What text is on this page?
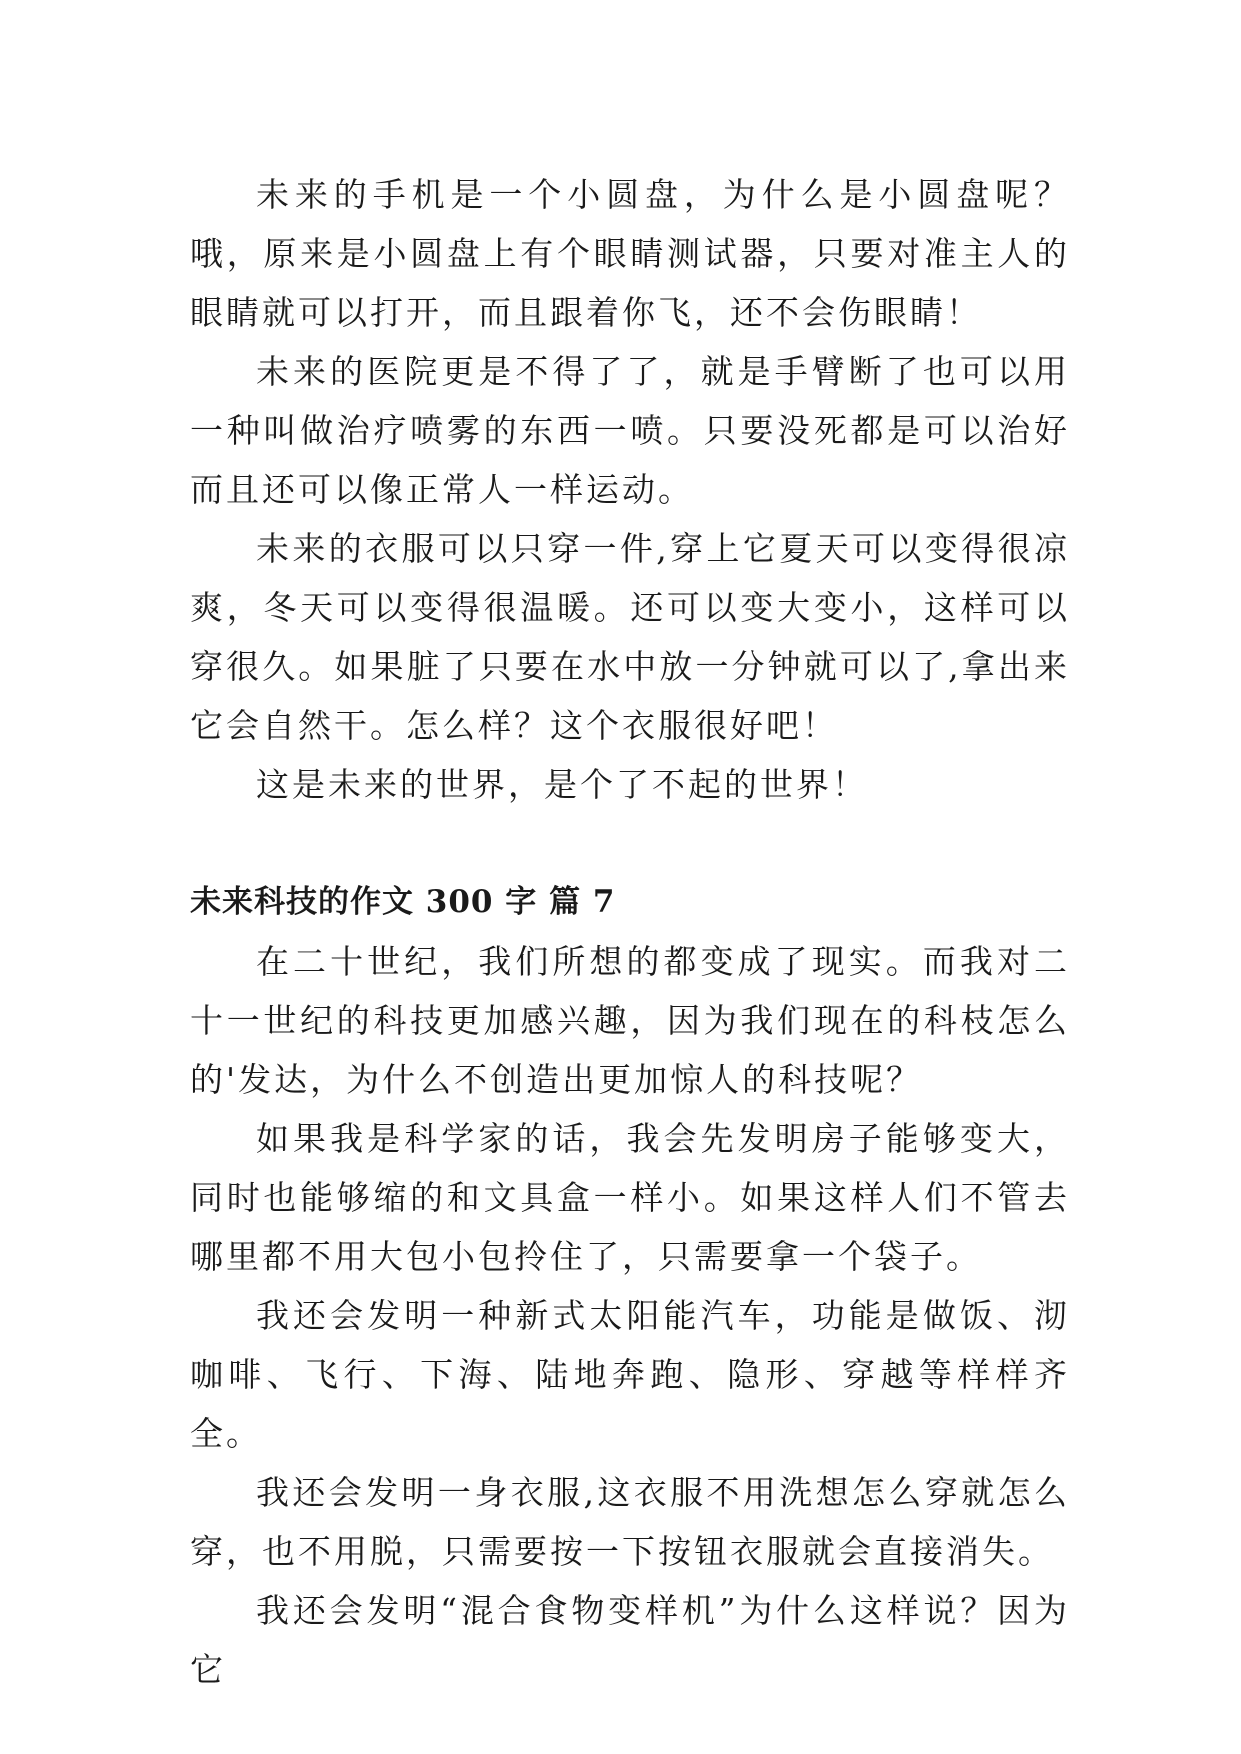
未来的手机是一个小圆盘，为什么是小圆盘呢？哦，原来是小圆盘上有个眼睛测试器，只要对准主人的眼睛就可以打开，而且跟着你飞，还不会伤眼睛！

未来的医院更是不得了了，就是手臂断了也可以用一种叫做治疗喷雾的东西一喷。只要没死都是可以治好而且还可以像正常人一样运动。

未来的衣服可以只穿一件,穿上它夏天可以变得很凉爽，冬天可以变得很温暖。还可以变大变小，这样可以穿很久。如果脏了只要在水中放一分钟就可以了,拿出来它会自然干。怎么样？这个衣服很好吧！

这是未来的世界，是个了不起的世界！

未来科技的作文 300 字 篇 7

在二十世纪，我们所想的都变成了现实。而我对二十一世纪的科技更加感兴趣，因为我们现在的科枝怎么的'发达，为什么不创造出更加惊人的科技呢？

如果我是科学家的话，我会先发明房子能够变大，同时也能够缩的和文具盒一样小。如果这样人们不管去哪里都不用大包小包拎住了，只需要拿一个袋子。

我还会发明一种新式太阳能汽车，功能是做饭、沏咖啡、飞行、下海、陆地奔跑、隐形、穿越等样样齐全。

我还会发明一身衣服,这衣服不用洗想怎么穿就怎么穿，也不用脱，只需要按一下按钮衣服就会直接消失。

我还会发明“混合食物变样机”为什么这样说？因为它
